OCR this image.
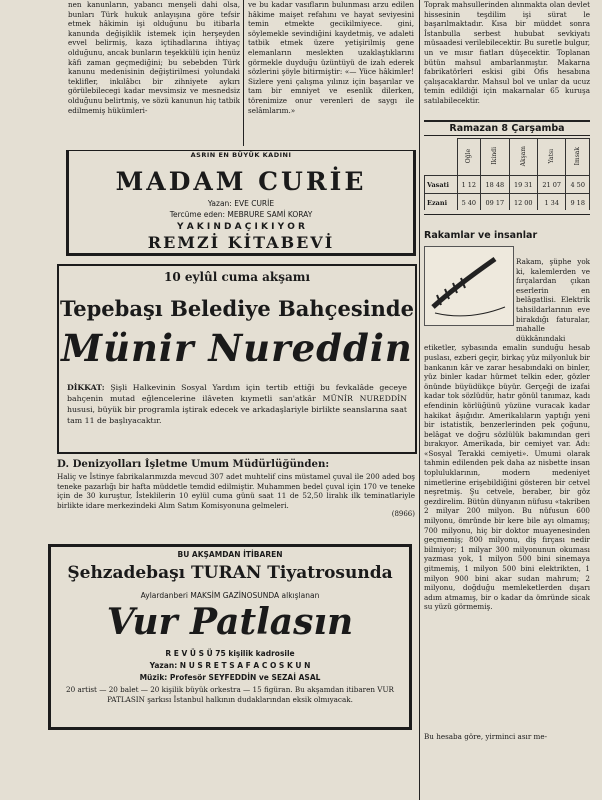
nen kanunların, yabancı menşeli dahi olsa, bunları Türk hukuk anlayışına göre tefsir etmek hâkimin işi olduğunu bu itibarla kanunda değişiklik istemek için herşeyden evvel belirmiş, kaza içtihadlarına ihtiyaç olduğunu, ancak bunların teşekkülü için henüz kâfi zaman geçmediğini; bu sebebden Türk kanunu medenisinin değiştirilmesi yolundaki teklifler, inkılâbcı bir zihniyete aykırı görülebilecegi kadar mevsimsiz ve mesnedsiz olduğunu belirtmiş, ve sözü kanunun hiç tatbik edilmemiş hükümleri-
ve bu kadar vasıfların bulunması arzu edilen hâkime maişet refahını ve hayat seviyesini temin etmekte gecikilmiyece. gini, söylemekle sevindiğini kaydetmiş, ve adaleti tatbik etmek üzere yetişirilmiş gene elemanların meslekten uzaklaştıklarını görmekle duyduğu üzüntüyü de izah ederek sözlerini şöyle bitirmiştir: «— Yüce hâkimler! Sizlere yeni çalışma yılınız için başarılar ve tam bir emniyet ve esenlik dilerken, törenimize onur verenleri de saygı ile selâmlarım.»
Toprak mahsullerinden alınmakta olan devlet hissesinin teşdilim işi sürat le başarılmaktadır. Kısa bir müddet sonra İstanbulla serbest hububat sevkiyatı müsaadesi verilebilecektir. Bu suretle bulgur, un ve mısır fiatları düşecektir. Toplanan bütün mahsul ambarlanmıştır. Makarna fabrikatörleri eskisi gibi Ofis hesabına çalışacaklardır. Mahsul bol ve unlar da ucuz temin edildiği için makarnalar 65 kuruşa satılabilecektir.
Ramazan 8 Çarşamba
	Öğle	İkindi	Akşam	Yatsı	İmsak
Vasati	1 12	18 48	19 31	21 07	4 50
Ezani	5 40	09 17	12 00	1 34	9 18
ASRIN EN BÜYÜK KADINI
MADAM CURİE
Yazan: EVE CURİE
Tercüme eden: MEBRURE SAMİ KORAY
Y A K I N D A Ç I K I Y O R
REMZİ KİTABEVİ
10 eylûl cuma akşamı
Tepebaşı Belediye Bahçesinde
Münir Nureddin
DİKKAT: Şişli Halkevinin Sosyal Yardım için tertib ettiği bu fevkalâde geceye bahçenin mutad eğlencelerine ilâveten kıymetli san'atkâr MÜNİR NUREDDİN hususi, büyük bir programla iştirak edecek ve arkadaşlariyle birlikte seanslarına saat tam 11 de başlıyacaktır.
D. Denizyolları İşletme Umum Müdürlüğünden:
Haliç ve İstinye fabrikalarımızda mevcud 307 adet muhtelif cins müstamel çuval ile 200 aded boş teneke pazarlığı bir hafta müddetle temdid edilmiştir. Muhammen bedel çuval için 170 ve teneke için de 30 kuruştur, İsteklilerin 10 eylül cuma günü saat 11 de 52,50 liralık ilk teminatlariyle birlikte idare merkezindeki Alım Satım Komisyonuna gelmeleri.
(8966)
BU AKŞAMDAN İTİBAREN
Şehzadebaşı TURAN Tiyatrosunda
Aylardanberi MAKSİM GAZİNOSUNDA alkışlanan
Vur Patlasın
R E V Ü S Ü 75 kişilik kadrosile
Yazan: N U S R E T S A F A C O S K U N
Müzik: Profesör SEYFEDDİN ve SEZAİ ASAL
20 artist — 20 balet — 20 kişilik büyük orkestra — 15 figüran. Bu akşamdan itibaren VUR PATLASIN şarkısı İstanbul halkının dudaklarından eksik olmıyacak.
Rakamlar ve insanlar
Rakam, şüphe yok ki, kalemlerden ve fırçalardan çıkan eserlerin en belâgatlisi. Elektrik tahsildarlarının eve birakdığı faturalar, mahalle dükkânındaki etiketler, sybasında emalin sunduğu hesab puslası, ezberi geçir, birkaç yüz milyonluk bir bankanın kâr ve zarar hesabındaki on binler, yüz binler kadar hürmet telkin eder, gözler önünde büyüdükçe büyür. Gerçeği de izafai kadar tok sözlüdür, hatır gönül tanımaz, kadı efendinin körlüğünü yüzüne vuracak kadar hakikat âşığıdır. Amerikalıların yaptığı yeni bir istatistik, benzerlerinden pek çoğunu, belâgat ve doğru sözlülük bakımından geri bırakıyor. Amerikada, bir cemiyet var. Adı: «Sosyal Terakki cemiyeti». Umumi olarak tahmin edilenden pek daha az nisbette insan topluluklarının, modern medeniyet nimetlerine erişebildiğini gösteren bir cetvel neşretmiş. Şu cetvele, beraber, bir göz gezdirelim. Bütün dünyanın nüfusu «takriben 2 milyar 200 milyon. Bu nüfusun 600 milyonu, ömründe bir kere bile ayı olmamış; 700 milyonu, hiç bir doktor muayenesinden geçmemiş; 800 milyonu, diş fırçası nedir bilmiyor; 1 milyar 300 milyonunun okuması yazması yok, 1 milyon 500 bini sinemaya gitmemiş, 1 milyon 500 bini elektrikten, 1 milyon 900 bini akar sudan mahrum; 2 milyonu, doğduğu memleketlerden dışarı adım atmamış, bir o kadar da ömründe sicak su yüzü görmemiş.
Bu hesaba göre, yirminci asır me-
